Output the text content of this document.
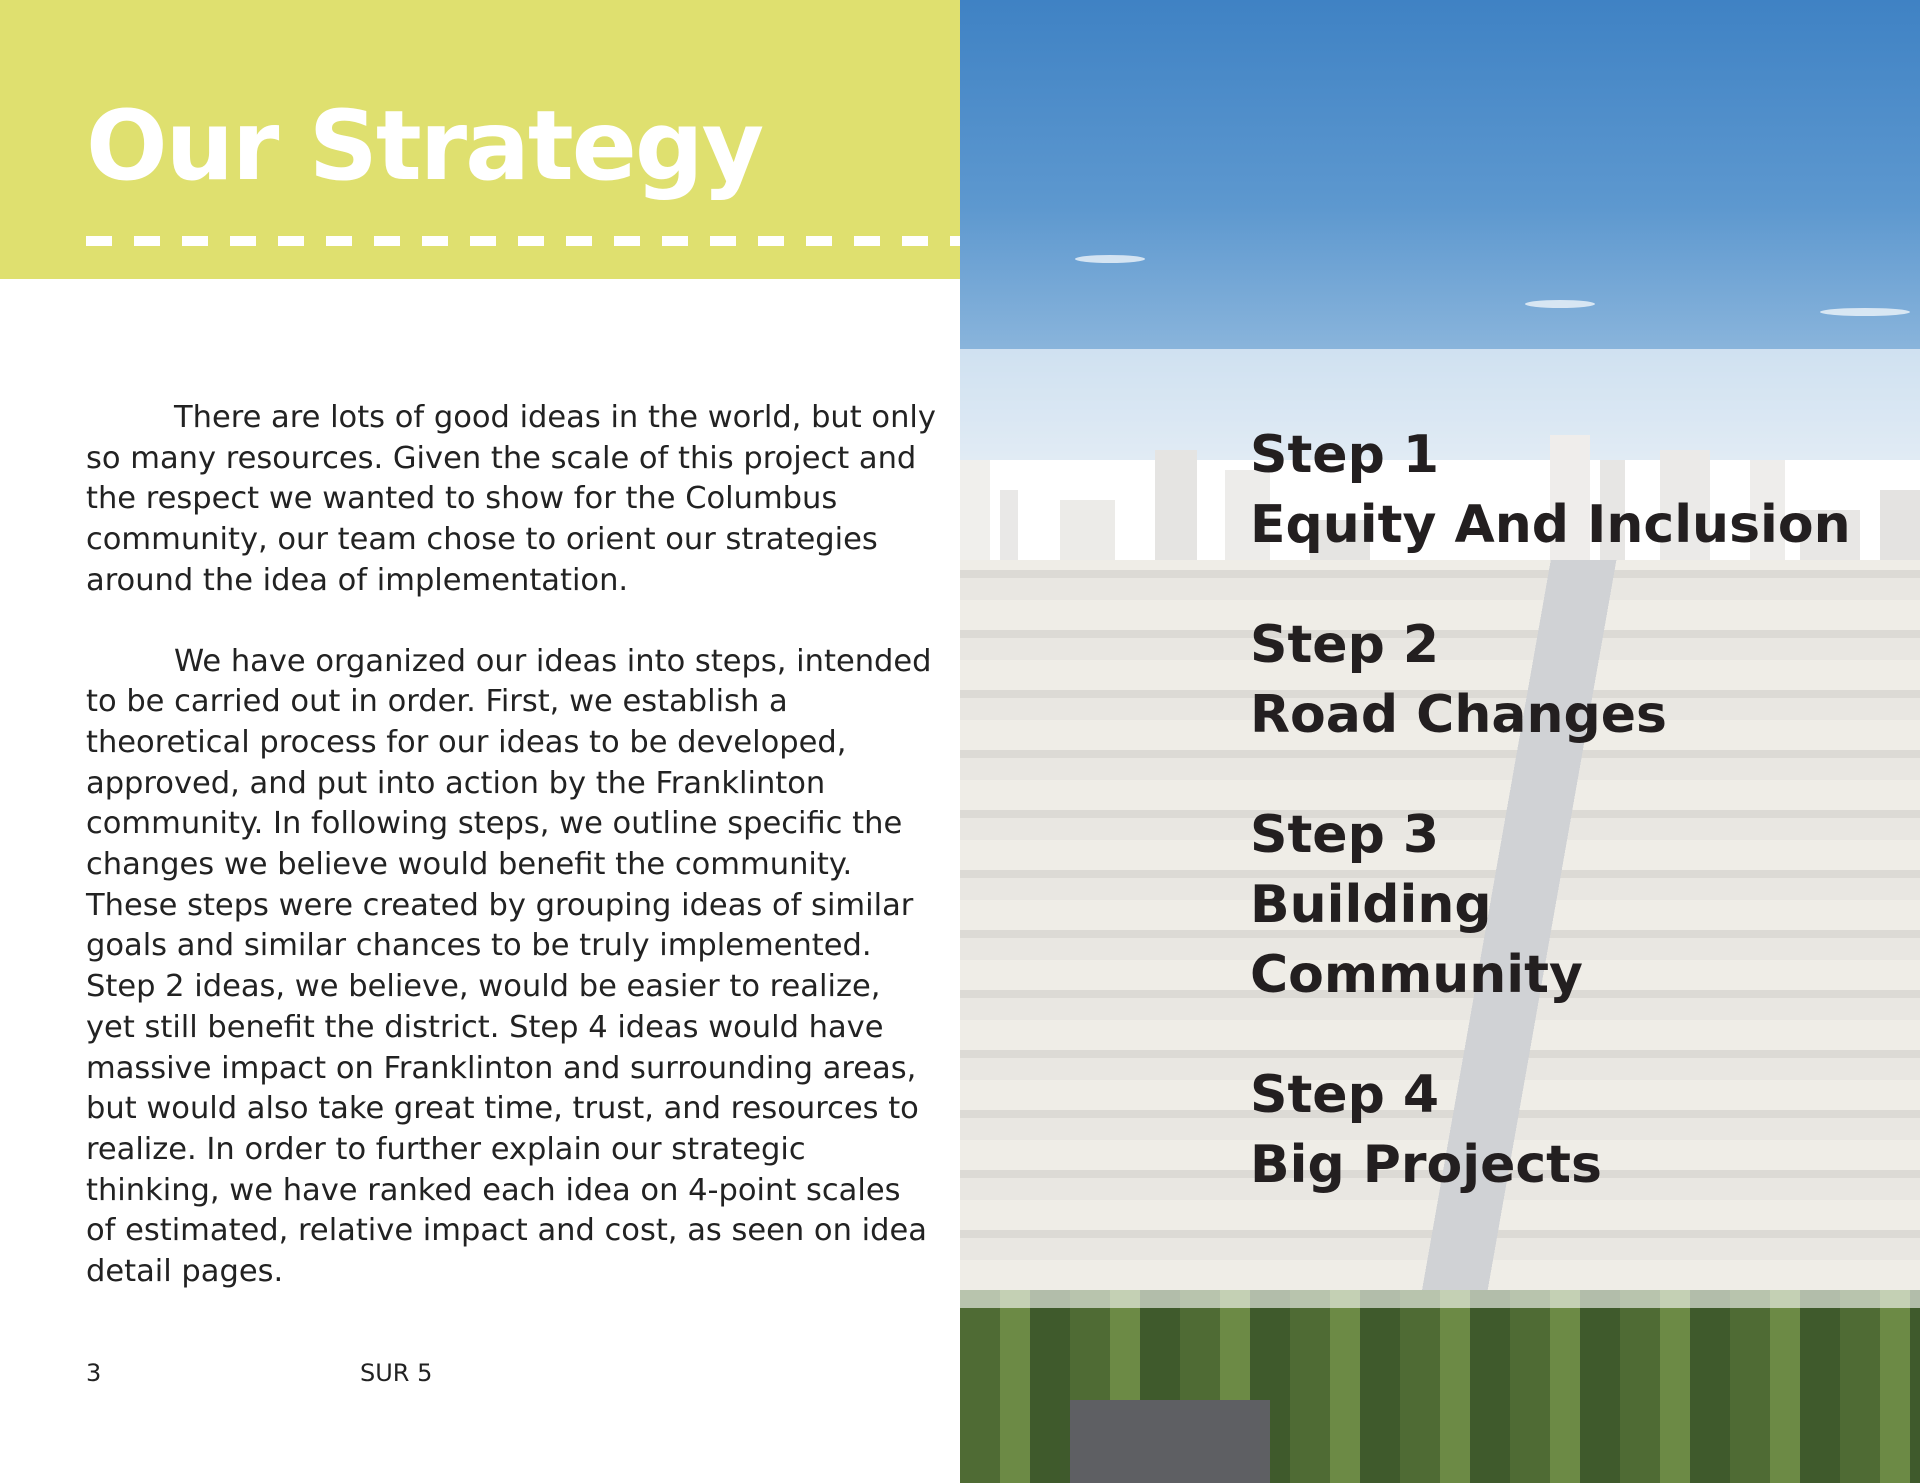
Our Strategy

There are lots of good ideas in the world, but only so many resources. Given the scale of this project and the respect we wanted to show for the Columbus community, our team chose to orient our strategies around the idea of implementation.

We have organized our ideas into steps, intended to be carried out in order. First, we establish a theoretical process for our ideas to be developed, approved, and put into action by the Franklinton community. In following steps, we outline specific the changes we believe would benefit the community. These steps were created by grouping ideas of similar goals and similar chances to be truly implemented. Step 2 ideas, we believe, would be easier to realize, yet still benefit the district. Step 4 ideas would have massive impact on Franklinton and surrounding areas, but would also take great time, trust, and resources to realize. In order to further explain our strategic thinking, we have ranked each idea on 4-point scales of estimated, relative impact and cost, as seen on idea detail pages.

3	SUR 5
Step 1
Equity And Inclusion
Step 2
Road Changes
Step 3
Building Community
Step 4
Big Projects
